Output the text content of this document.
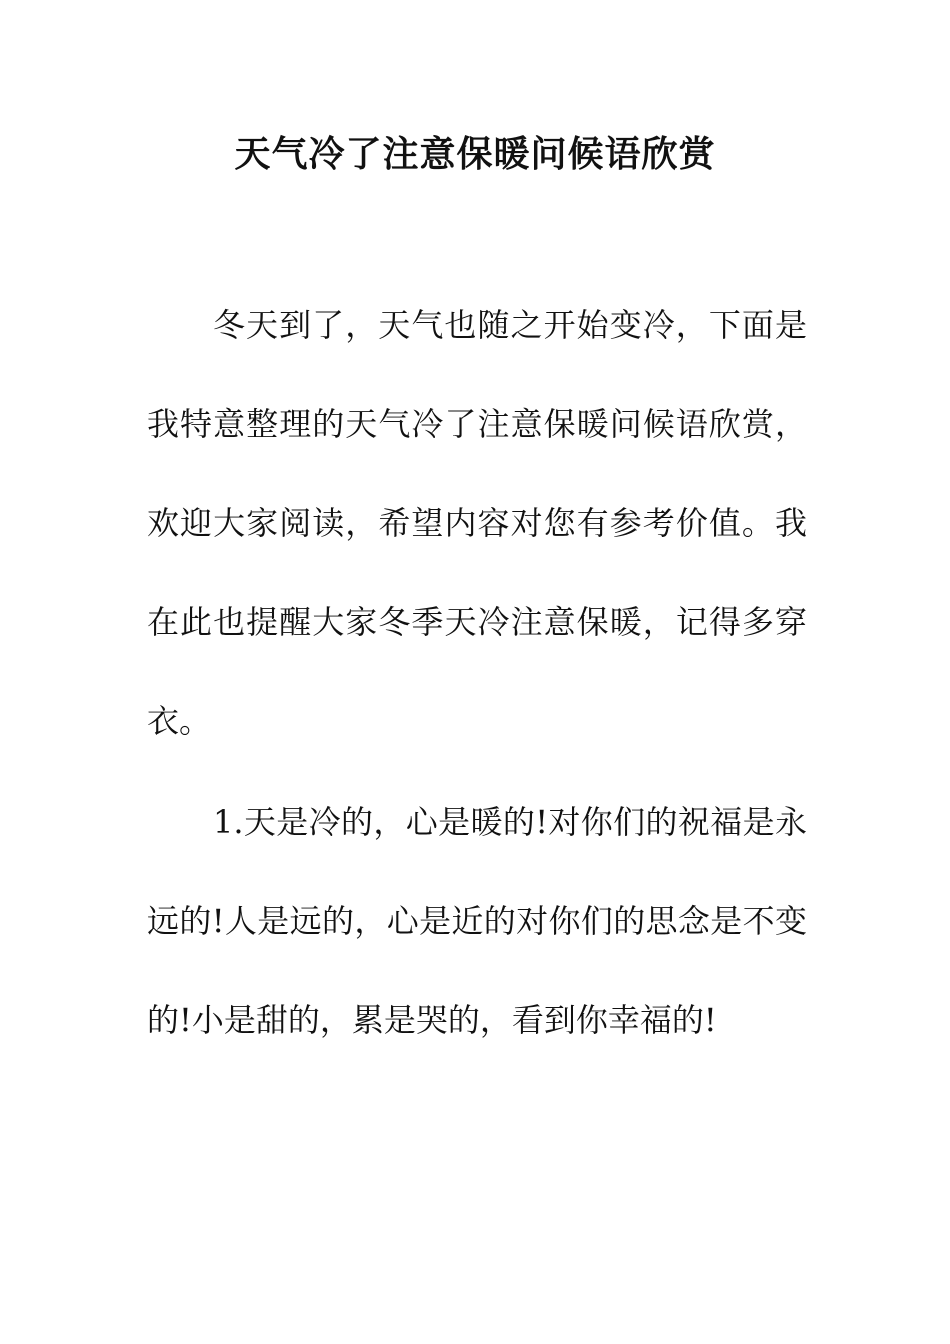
天气冷了注意保暖问候语欣赏

冬天到了，天气也随之开始变冷，下面是我特意整理的天气冷了注意保暖问候语欣赏，欢迎大家阅读，希望内容对您有参考价值。我在此也提醒大家冬季天冷注意保暖，记得多穿衣。

1.天是冷的，心是暖的!对你们的祝福是永远的!人是远的，心是近的对你们的思念是不变的!小是甜的，累是哭的，看到你幸福的!
